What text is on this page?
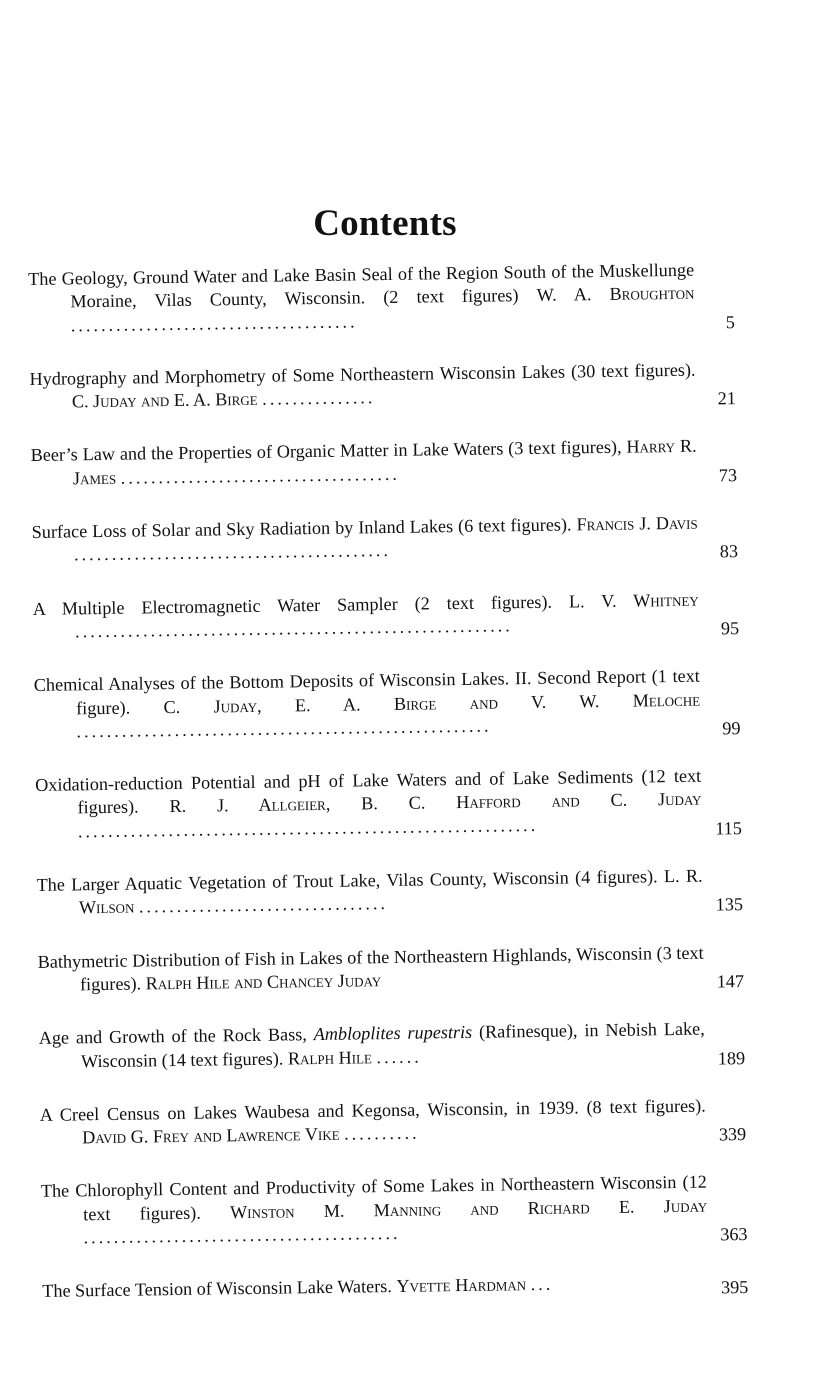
Contents
The Geology, Ground Water and Lake Basin Seal of the Region South of the Muskellunge Moraine, Vilas County, Wisconsin. (2 text figures) W. A. Broughton ......................................	5
Hydrography and Morphometry of Some Northeastern Wisconsin Lakes (30 text figures). C. Juday and E. A. Birge ...............	21
Beer’s Law and the Properties of Organic Matter in Lake Waters (3 text figures), Harry R. James .....................................	73
Surface Loss of Solar and Sky Radiation by Inland Lakes (6 text figures). Francis J. Davis ..........................................	83
A Multiple Electromagnetic Water Sampler (2 text figures). L. V. Whitney ..........................................................	95
Chemical Analyses of the Bottom Deposits of Wisconsin Lakes. II. Second Report (1 text figure). C. Juday, E. A. Birge and V. W. Meloche .......................................................	99
Oxidation-reduction Potential and pH of Lake Waters and of Lake Sediments (12 text figures). R. J. Allgeier, B. C. Hafford and C. Juday .............................................................	115
The Larger Aquatic Vegetation of Trout Lake, Vilas County, Wisconsin (4 figures). L. R. Wilson .................................	135
Bathymetric Distribution of Fish in Lakes of the Northeastern Highlands, Wisconsin (3 text figures). Ralph Hile and Chancey Juday	147
Age and Growth of the Rock Bass, Ambloplites rupestris (Rafinesque), in Nebish Lake, Wisconsin (14 text figures). Ralph Hile ......	189
A Creel Census on Lakes Waubesa and Kegonsa, Wisconsin, in 1939. (8 text figures). David G. Frey and Lawrence Vike ..........	339
The Chlorophyll Content and Productivity of Some Lakes in Northeastern Wisconsin (12 text figures). Winston M. Manning and Richard E. Juday ..........................................	363
The Surface Tension of Wisconsin Lake Waters. Yvette Hardman ...	395
